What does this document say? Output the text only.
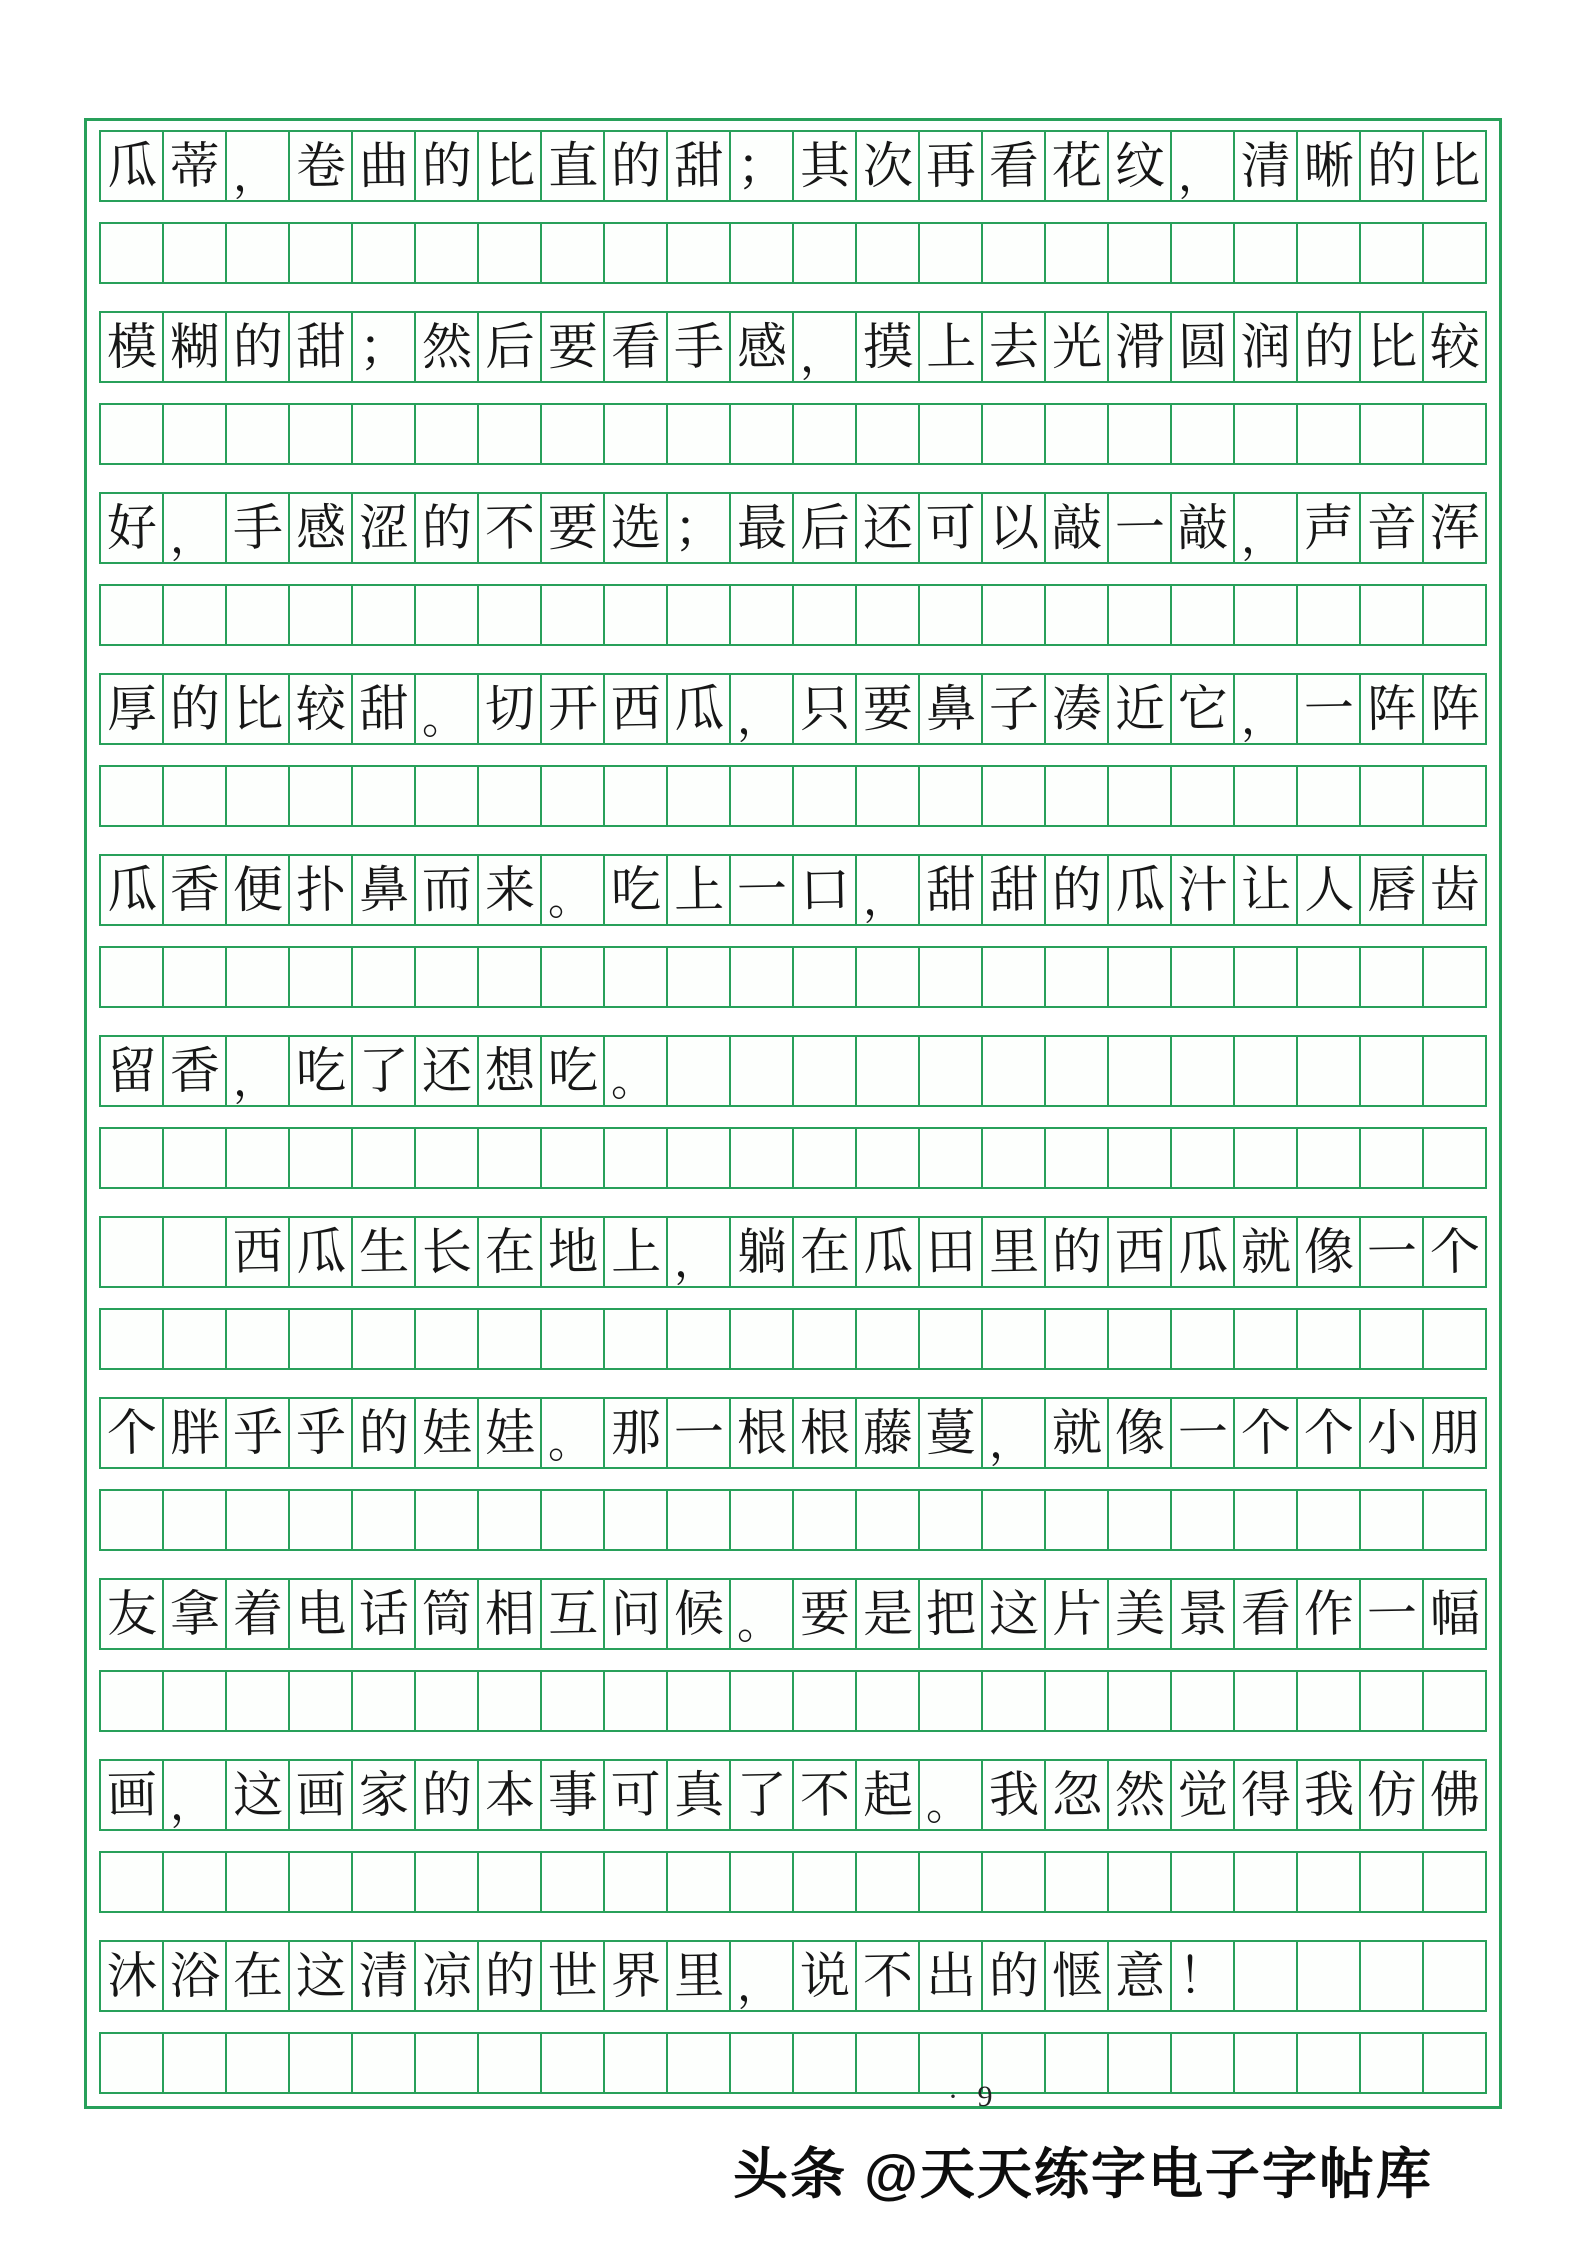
瓜 蒂 ， 卷 曲 的 比 直 的 甜 ； 其 次 再 看 花 纹 ， 清 晰 的 比
模 糊 的 甜 ； 然 后 要 看 手 感 ， 摸 上 去 光 滑 圆 润 的 比 较
好 ， 手 感 涩 的 不 要 选 ； 最 后 还 可 以 敲 一 敲 ， 声 音 浑
厚 的 比 较 甜 。 切 开 西 瓜 ， 只 要 鼻 子 凑 近 它 ， 一 阵 阵
瓜 香 便 扑 鼻 而 来 。 吃 上 一 口 ， 甜 甜 的 瓜 汁 让 人 唇 齿
留 香 ， 吃 了 还 想 吃 。
西 瓜 生 长 在 地 上 ， 躺 在 瓜 田 里 的 西 瓜 就 像 一 个
个 胖 乎 乎 的 娃 娃 。 那 一 根 根 藤 蔓 ， 就 像 一 个 个 小 朋
友 拿 着 电 话 筒 相 互 问 候 。 要 是 把 这 片 美 景 看 作 一 幅
画 ， 这 画 家 的 本 事 可 真 了 不 起 。 我 忽 然 觉 得 我 仿 佛
沐 浴 在 这 清 凉 的 世 界 里 ， 说 不 出 的 惬 意 ！
· 9
头条 @天天练字电子字帖库
